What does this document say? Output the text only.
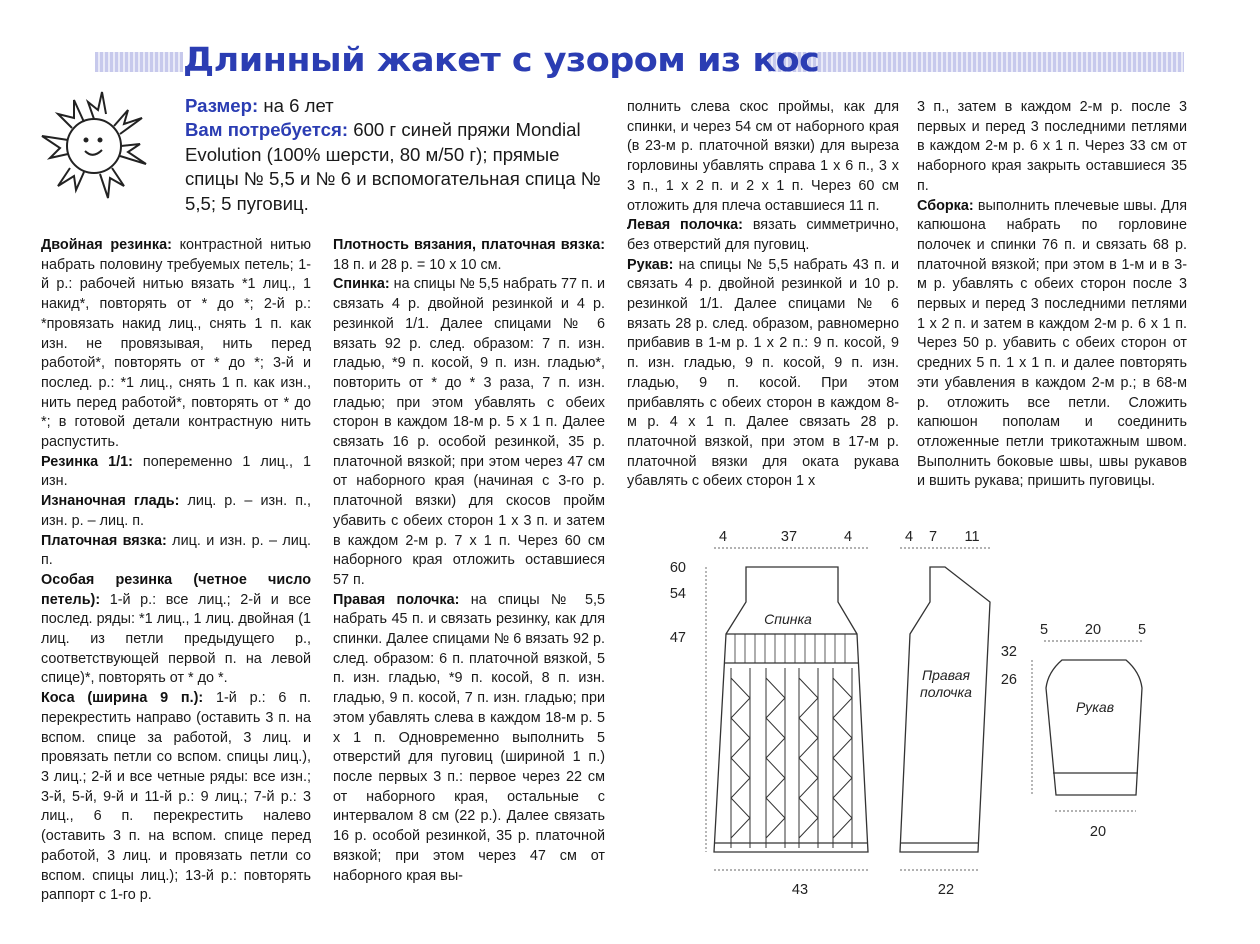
Длинный жакет с узором из кос
Размер: на 6 лет
Вам потребуется: 600 г синей пряжи Mondial Evolution (100% шерсти, 80 м/50 г); прямые спицы № 5,5 и № 6 и вспомогательная спица № 5,5; 5 пуговиц.

Двойная резинка: контрастной нитью набрать половину требуемых петель; 1-й р.: рабочей нитью вязать *1 лиц., 1 накид*, повторять от * до *; 2-й р.: *провязать накид лиц., снять 1 п. как изн. не провязывая, нить перед работой*, повторять от * до *; 3-й и послед. р.: *1 лиц., снять 1 п. как изн., нить перед работой*, повторять от * до *; в готовой детали контрастную нить распустить.

Резинка 1/1: попеременно 1 лиц., 1 изн.

Изнаночная гладь: лиц. р. – изн. п., изн. р. – лиц. п.

Платочная вязка: лиц. и изн. р. – лиц. п.

Особая резинка (четное число петель): 1-й р.: все лиц.; 2-й и все послед. ряды: *1 лиц., 1 лиц. двойная (1 лиц. из петли предыдущего р., соответствующей первой п. на левой спице)*, повторять от * до *.

Коса (ширина 9 п.): 1-й р.: 6 п. перекрестить направо (оставить 3 п. на вспом. спице за работой, 3 лиц. и провязать петли со вспом. спицы лиц.), 3 лиц.; 2-й и все четные ряды: все изн.; 3-й, 5-й, 9-й и 11-й р.: 9 лиц.; 7-й р.: 3 лиц., 6 п. перекрестить налево (оставить 3 п. на вспом. спице перед работой, 3 лиц. и провязать петли со вспом. спицы лиц.); 13-й р.: повторять раппорт с 1-го р.

Плотность вязания, платочная вязка: 18 п. и 28 р. = 10 х 10 см.

Спинка: на спицы № 5,5 набрать 77 п. и связать 4 р. двойной резинкой и 4 р. резинкой 1/1. Далее спицами № 6 вязать 92 р. след. образом: 7 п. изн. гладью, *9 п. косой, 9 п. изн. гладью*, повторить от * до * 3 раза, 7 п. изн. гладью; при этом убавлять с обеих сторон в каждом 18-м р. 5 х 1 п. Далее связать 16 р. особой резинкой, 35 р. платочной вязкой; при этом через 47 см от наборного края (начиная с 3-го р. платочной вязки) для скосов пройм убавить с обеих сторон 1 х 3 п. и затем в каждом 2-м р. 7 х 1 п. Через 60 см наборного края отложить оставшиеся 57 п.

Правая полочка: на спицы № 5,5 набрать 45 п. и связать резинку, как для спинки. Далее спицами № 6 вязать 92 р. след. образом: 6 п. платочной вязкой, 5 п. изн. гладью, *9 п. косой, 8 п. изн. гладью, 9 п. косой, 7 п. изн. гладью; при этом убавлять слева в каждом 18-м р. 5 х 1 п. Одновременно выполнить 5 отверстий для пуговиц (шириной 1 п.) после первых 3 п.: первое через 22 см от наборного края, остальные с интервалом 8 см (22 р.). Далее связать 16 р. особой резинкой, 35 р. платочной вязкой; при этом через 47 см от наборного края вы-

полнить слева скос проймы, как для спинки, и через 54 см от наборного края (в 23-м р. платочной вязки) для выреза горловины убавлять справа 1 х 6 п., 3 х 3 п., 1 х 2 п. и 2 х 1 п. Через 60 см отложить для плеча оставшиеся 11 п.

Левая полочка: вязать симметрично, без отверстий для пуговиц.

Рукав: на спицы № 5,5 набрать 43 п. и связать 4 р. двойной резинкой и 10 р. резинкой 1/1. Далее спицами № 6 вязать 28 р. след. образом, равномерно прибавив в 1-м р. 1 х 2 п.: 9 п. косой, 9 п. изн. гладью, 9 п. косой, 9 п. изн. гладью, 9 п. косой. При этом прибавлять с обеих сторон в каждом 8-м р. 4 х 1 п. Далее связать 28 р. платочной вязкой, при этом в 17-м р. платочной вязки для оката рукава убавлять с обеих сторон 1 х

3 п., затем в каждом 2-м р. после 3 первых и перед 3 последними петлями в каждом 2-м р. 6 х 1 п. Через 33 см от наборного края закрыть оставшиеся 35 п.

Сборка: выполнить плечевые швы. Для капюшона набрать по горловине полочек и спинки 76 п. и связать 68 р. платочной вязкой; при этом в 1-м и в 3-м р. убавлять с обеих сторон после 3 первых и перед 3 последними петлями 1 х 2 п. и затем в каждом 2-м р. 6 х 1 п. Через 50 р. убавить с обеих сторон от средних 5 п. 1 х 1 п. и далее повторять эти убавления в каждом 2-м р.; в 68-м р. отложить все петли. Сложить капюшон пополам и соединить отложенные петли трикотажным швом. Выполнить боковые швы, швы рукавов и вшить рукава; пришить пуговицы.

4	37	4
60
54
47
43
4 7 11
22
5	20	5
32
26
20
Спинка
Правая
полочка
Рукав
